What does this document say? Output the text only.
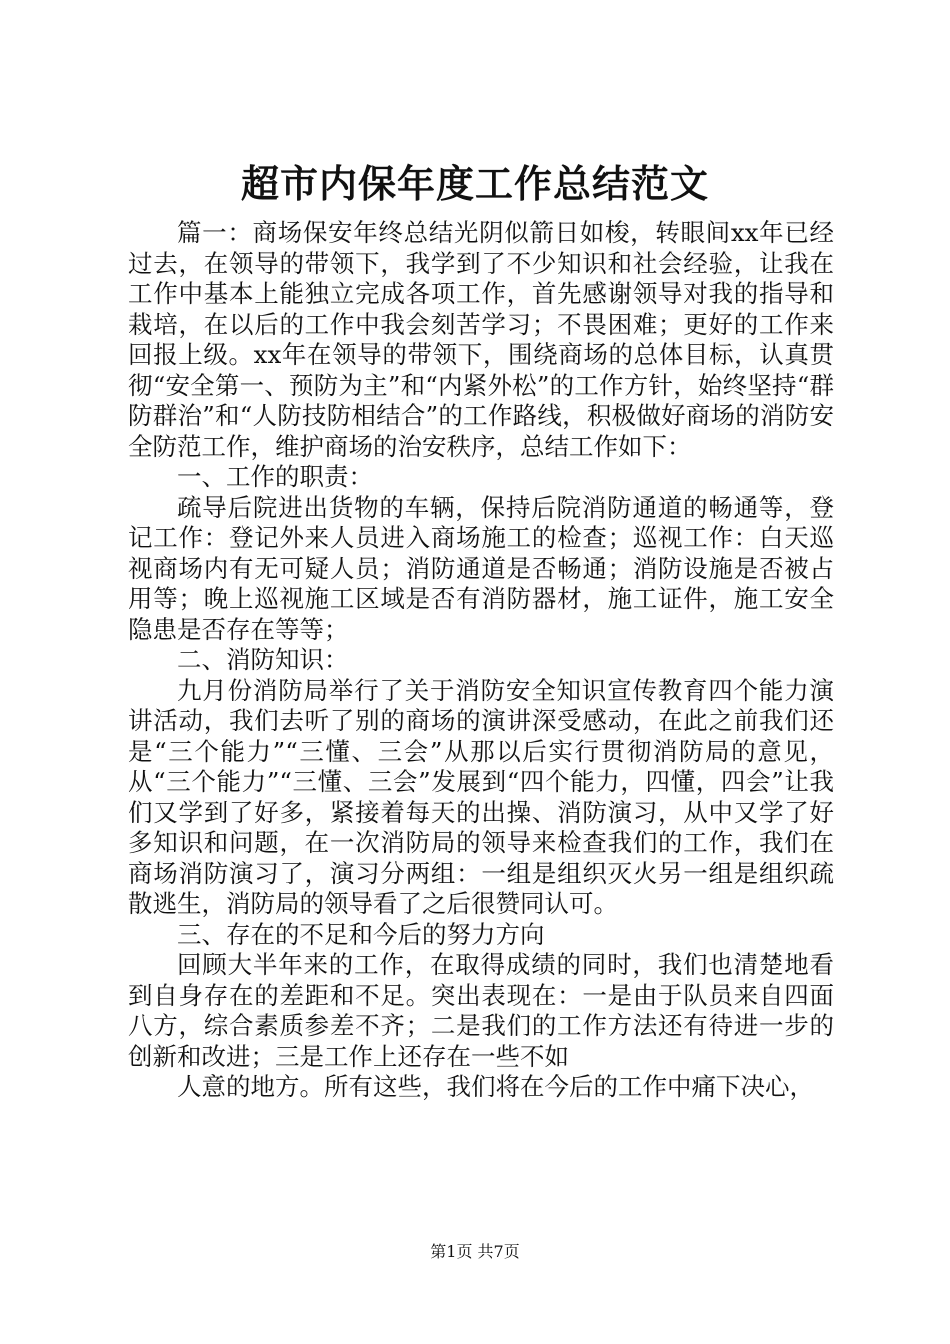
超市内保年度工作总结范文

篇一：商场保安年终总结光阴似箭日如梭，转眼间xx年已经过去，在领导的带领下，我学到了不少知识和社会经验，让我在工作中基本上能独立完成各项工作，首先感谢领导对我的指导和栽培，在以后的工作中我会刻苦学习；不畏困难；更好的工作来回报上级。xx年在领导的带领下，围绕商场的总体目标，认真贯彻“安全第一、预防为主”和“内紧外松”的工作方针，始终坚持“群防群治”和“人防技防相结合”的工作路线，积极做好商场的消防安全防范工作，维护商场的治安秩序，总结工作如下：

一、工作的职责：

疏导后院进出货物的车辆，保持后院消防通道的畅通等，登记工作：登记外来人员进入商场施工的检查；巡视工作：白天巡视商场内有无可疑人员；消防通道是否畅通；消防设施是否被占用等；晚上巡视施工区域是否有消防器材，施工证件，施工安全隐患是否存在等等；

二、消防知识：

九月份消防局举行了关于消防安全知识宣传教育四个能力演讲活动，我们去听了别的商场的演讲深受感动，在此之前我们还是“三个能力”“三懂、三会”从那以后实行贯彻消防局的意见，从“三个能力”“三懂、三会”发展到“四个能力，四懂，四会”让我们又学到了好多，紧接着每天的出操、消防演习，从中又学了好多知识和问题，在一次消防局的领导来检查我们的工作，我们在商场消防演习了，演习分两组：一组是组织灭火另一组是组织疏散逃生，消防局的领导看了之后很赞同认可。

三、存在的不足和今后的努力方向

回顾大半年来的工作，在取得成绩的同时，我们也清楚地看到自身存在的差距和不足。突出表现在：一是由于队员来自四面八方，综合素质参差不齐；二是我们的工作方法还有待进一步的创新和改进；三是工作上还存在一些不如

人意的地方。所有这些，我们将在今后的工作中痛下决心，

第1页 共7页
